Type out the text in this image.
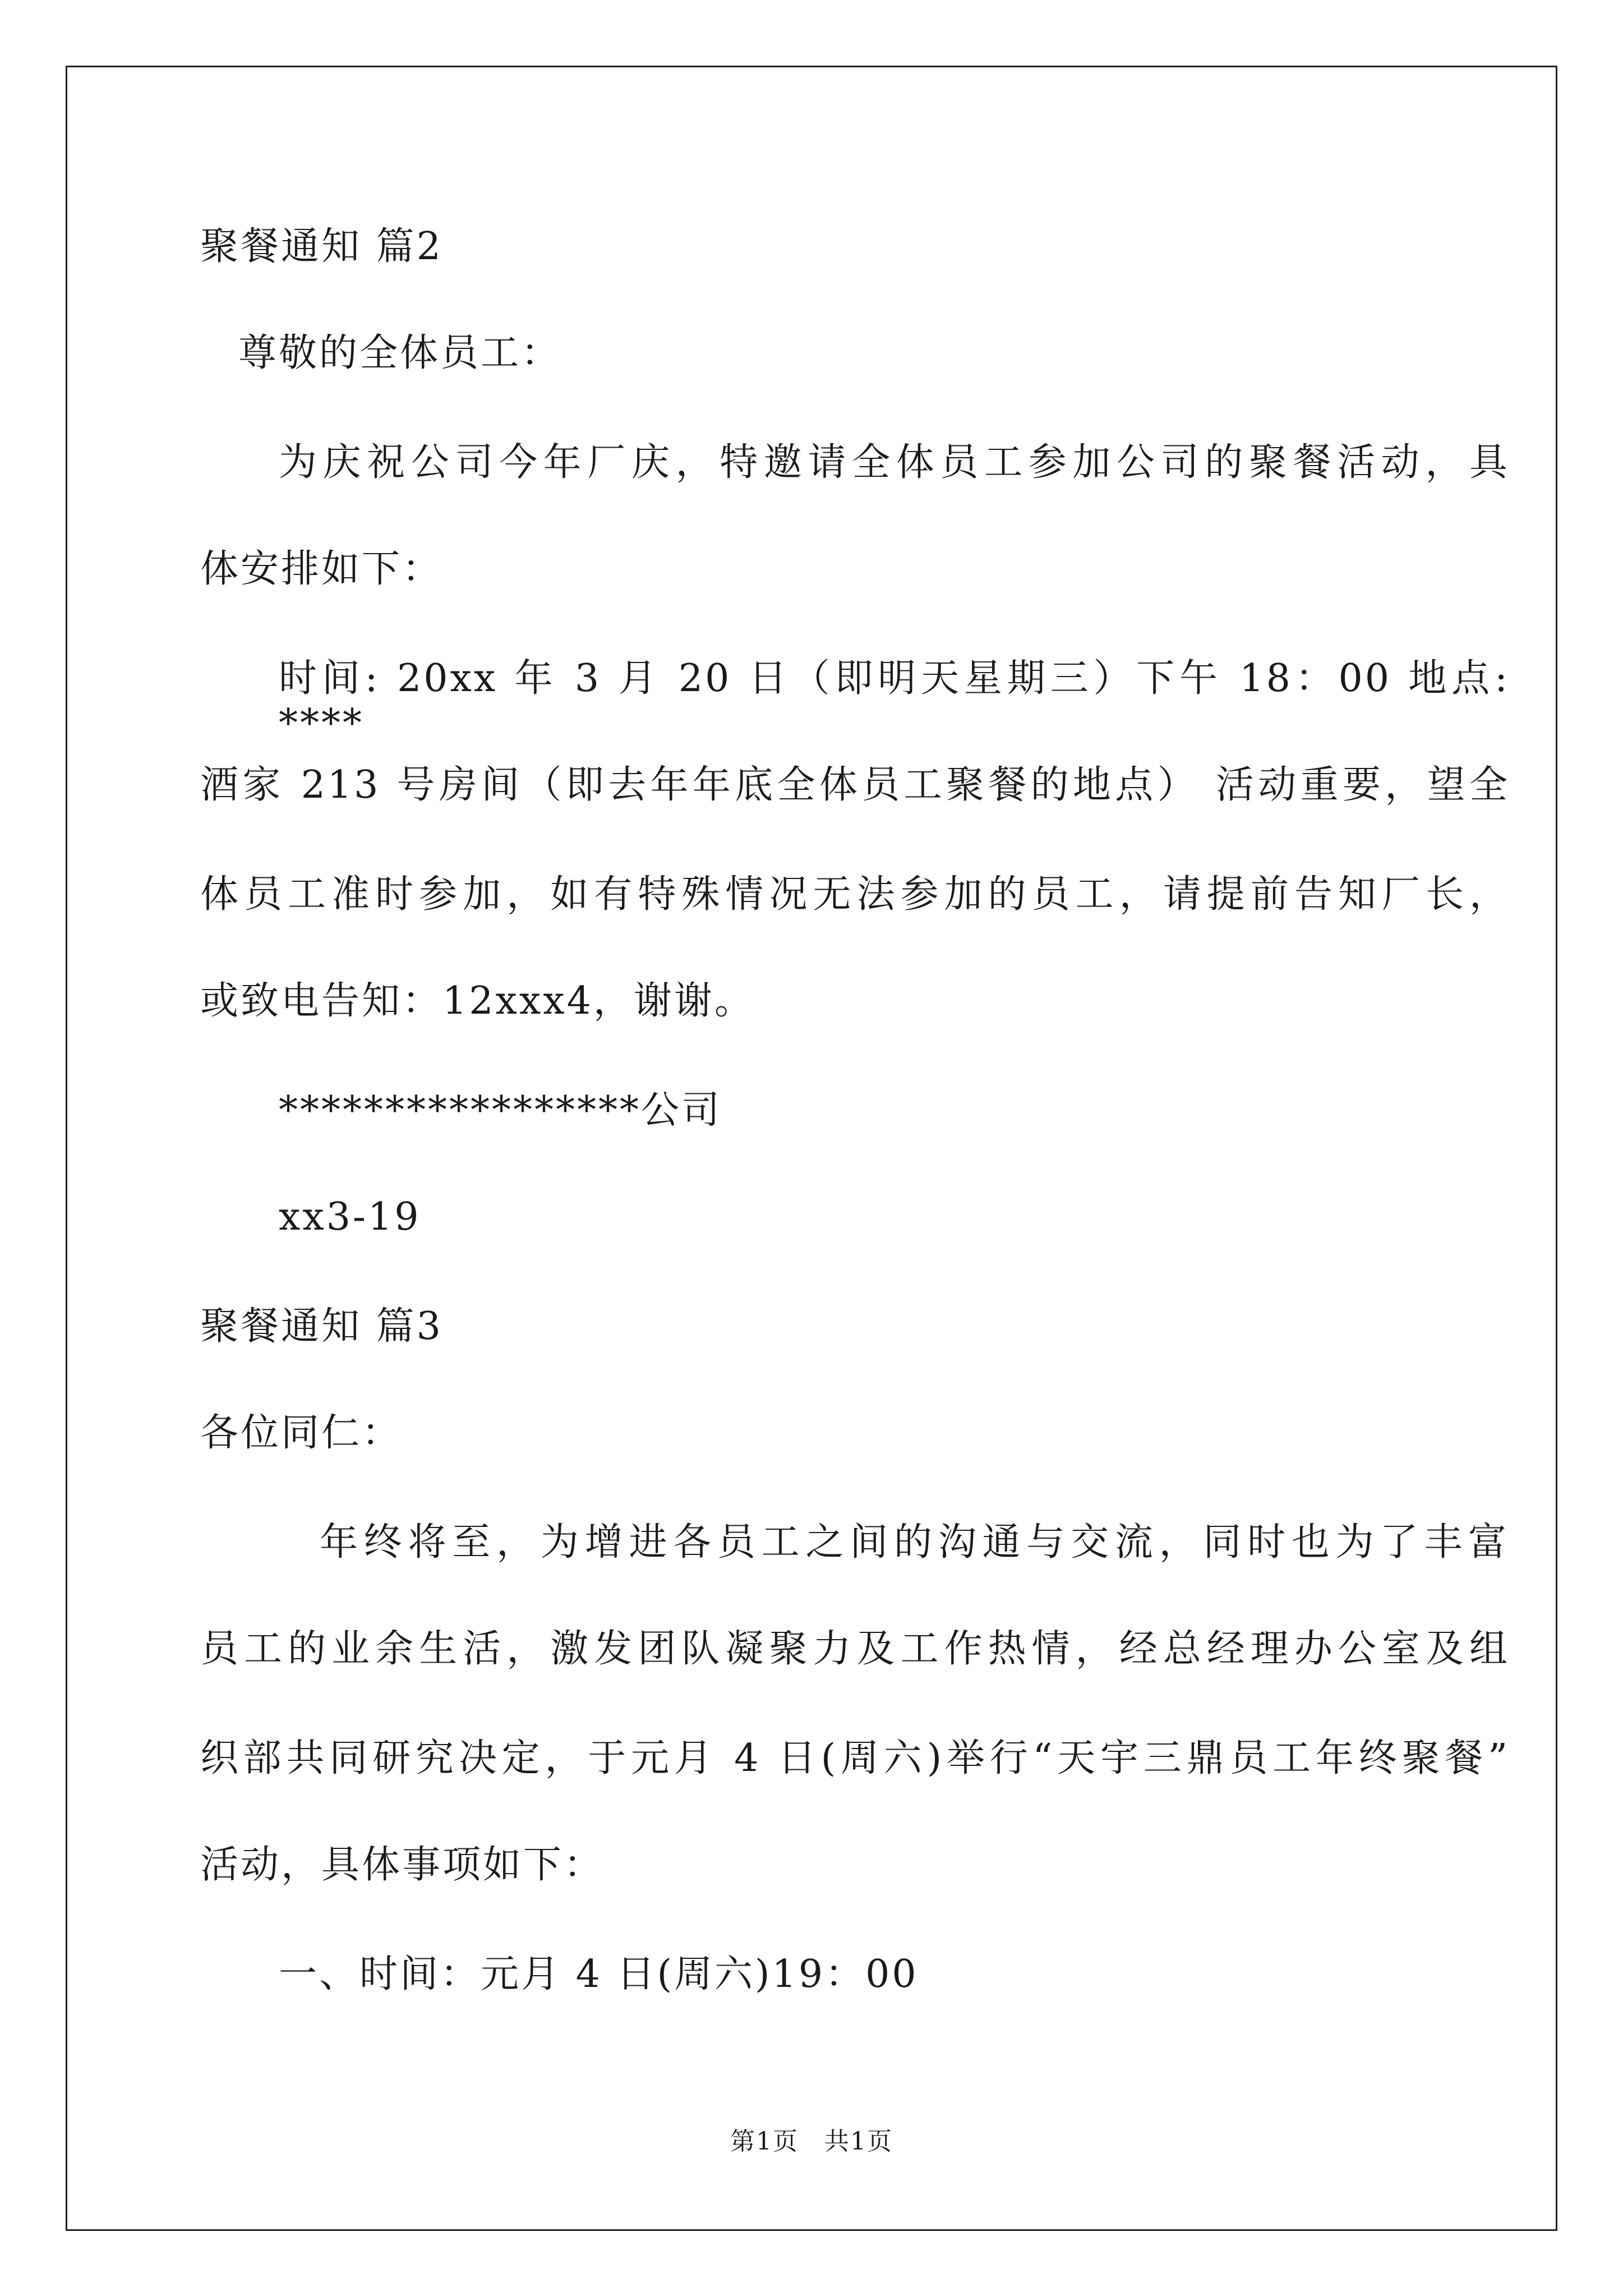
聚餐通知 篇2
尊敬的全体员工：
为庆祝公司今年厂庆，特邀请全体员工参加公司的聚餐活动，具
体安排如下：
时间: 20xx 年 3 月 20 日（即明天星期三）下午 18：00 地点: ****
酒家 213 号房间（即去年年底全体员工聚餐的地点） 活动重要，望全
体员工准时参加，如有特殊情况无法参加的员工，请提前告知厂长，
或致电告知：12xxx4，谢谢。
*****************公司
xx3-19
聚餐通知 篇3
各位同仁：
年终将至，为增进各员工之间的沟通与交流，同时也为了丰富
员工的业余生活，激发团队凝聚力及工作热情，经总经理办公室及组
织部共同研究决定，于元月 4 日(周六)举行“天宇三鼎员工年终聚餐”
活动，具体事项如下：
一、时间：元月 4 日(周六)19：00
第1页　共1页
